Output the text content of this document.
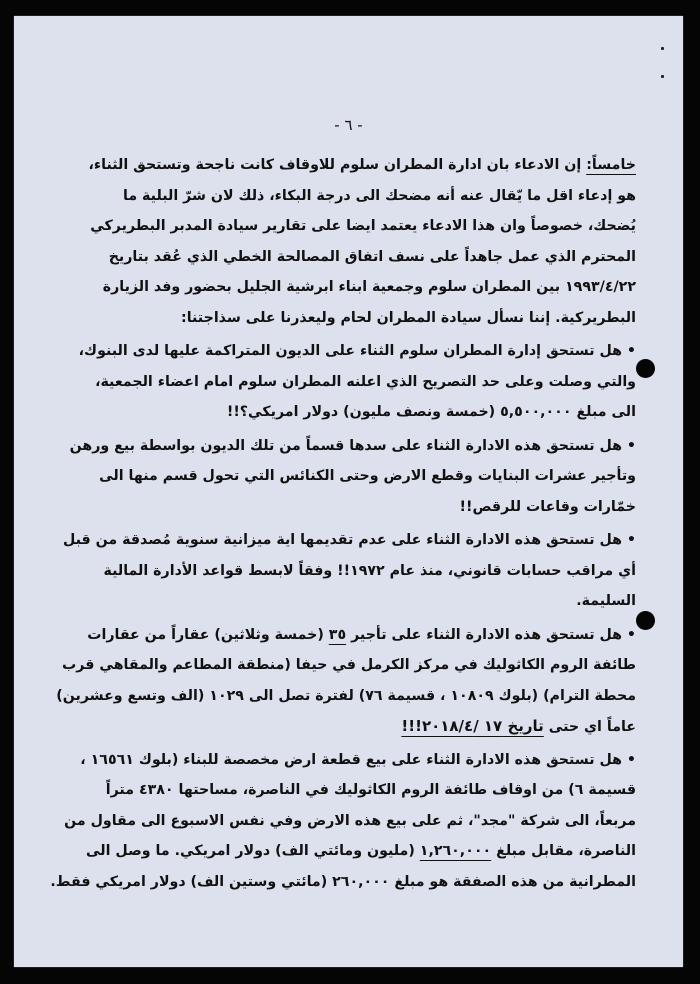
- ٦ -
خامساً: إن الادعاء بان ادارة المطران سلوم للاوقاف كانت ناجحة وتستحق الثناء،
هو إدعاء اقل ما يّقال عنه أنه مضحك الى درجة البكاء، ذلك لان شرّ البلية ما
يُضحك، خصوصاً وان هذا الادعاء يعتمد ايضا على تقارير سيادة المدبر البطريركي
المحترم الذي عمل جاهداً على نسف اتفاق المصالحة الخطي الذي عُقد بتاريخ
١٩٩٣/٤/٢٢ بين المطران سلوم وجمعية ابناء ابرشية الجليل بحضور وفد الزيارة
البطريركية. إننا نسأل سيادة المطران لحام وليعذرنا على سذاجتنا:
• هل تستحق إدارة المطران سلوم الثناء على الديون المتراكمة عليها لدى البنوك،
والتي وصلت وعلى حد التصريح الذي اعلنه المطران سلوم امام اعضاء الجمعية،
الى مبلغ ٥,٥٠٠,٠٠٠ (خمسة ونصف مليون) دولار امريكي؟!!
• هل تستحق هذه الادارة الثناء على سدها قسماً من تلك الديون بواسطة بيع ورهن
وتأجير عشرات البنايات وقطع الارض وحتى الكنائس التي تحول قسم منها الى
خمّارات وقاعات للرقص!!
• هل تستحق هذه الادارة الثناء على عدم تقديمها اية ميزانية سنوية مُصدقة من قبل
أي مراقب حسابات قانوني، منذ عام ١٩٧٢!! وفقاً لابسط قواعد الأدارة المالية
السليمة.
• هل تستحق هذه الادارة الثناء على تأجير ٣٥ (خمسة وثلاثين) عقاراً من عقارات
طائفة الروم الكاثوليك في مركز الكرمل في حيفا (منطقة المطاعم والمقاهي قرب
محطة الترام) (بلوك ١٠٨٠٩ ، قسيمة ٧٦) لفترة تصل الى ١٠٢٩ (الف وتسع وعشرين)
عاماً اي حتى تاريخ ١٧ /٢٠١٨/٤!!!
• هل تستحق هذه الادارة الثناء على بيع قطعة ارض مخصصة للبناء (بلوك ١٦٥٦١ ،
قسيمة ٦) من اوقاف طائفة الروم الكاثوليك في الناصرة، مساحتها ٤٣٨٠ متراً
مربعاً، الى شركة "مجد"، ثم على بيع هذه الارض وفي نفس الاسبوع الى مقاول من
الناصرة، مقابل مبلغ ١,٢٦٠,٠٠٠ (مليون ومائتي الف) دولار امريكي. ما وصل الى
المطرانية من هذه الصفقة هو مبلغ ٢٦٠,٠٠٠ (مائتي وستين الف) دولار امريكي فقط.
